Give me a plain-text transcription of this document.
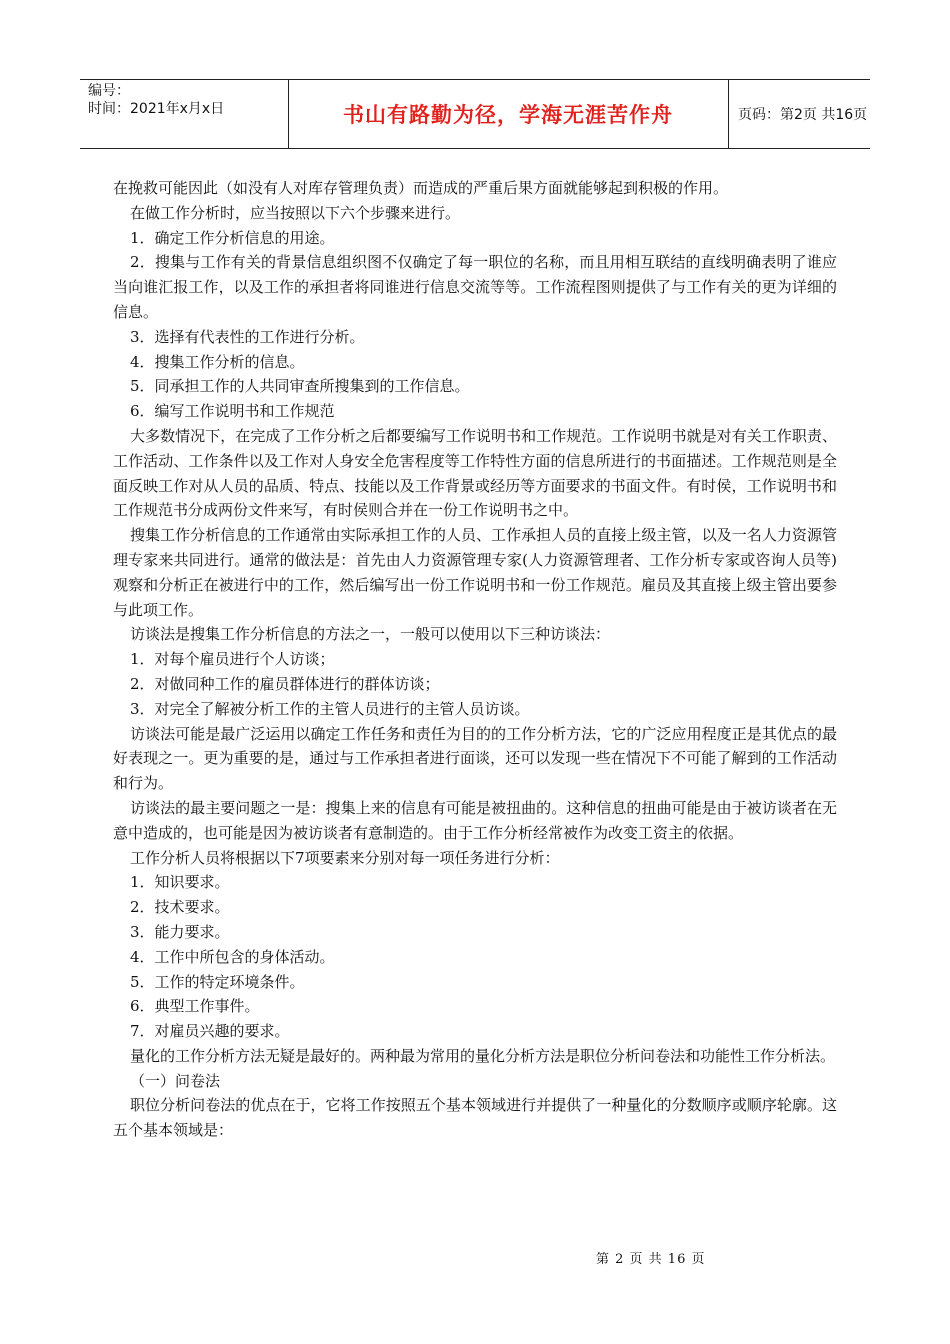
编号：
时间：2021年x月x日	书山有路勤为径，学海无涯苦作舟	页码：第2页 共16页

在挽救可能因此（如没有人对库存管理负责）而造成的严重后果方面就能够起到积极的作用。

在做工作分析时，应当按照以下六个步骤来进行。

1．确定工作分析信息的用途。

2．搜集与工作有关的背景信息组织图不仅确定了每一职位的名称，而且用相互联结的直线明确表明了谁应当向谁汇报工作，以及工作的承担者将同谁进行信息交流等等。工作流程图则提供了与工作有关的更为详细的信息。

3．选择有代表性的工作进行分析。

4．搜集工作分析的信息。

5．同承担工作的人共同审查所搜集到的工作信息。

6．编写工作说明书和工作规范

大多数情况下，在完成了工作分析之后都要编写工作说明书和工作规范。工作说明书就是对有关工作职责、工作活动、工作条件以及工作对人身安全危害程度等工作特性方面的信息所进行的书面描述。工作规范则是全面反映工作对从人员的品质、特点、技能以及工作背景或经历等方面要求的书面文件。有时侯，工作说明书和工作规范书分成两份文件来写，有时侯则合并在一份工作说明书之中。

搜集工作分析信息的工作通常由实际承担工作的人员、工作承担人员的直接上级主管，以及一名人力资源管理专家来共同进行。通常的做法是：首先由人力资源管理专家(人力资源管理者、工作分析专家或咨询人员等)观察和分析正在被进行中的工作，然后编写出一份工作说明书和一份工作规范。雇员及其直接上级主管出要参与此项工作。

访谈法是搜集工作分析信息的方法之一，一般可以使用以下三种访谈法：

1．对每个雇员进行个人访谈；

2．对做同种工作的雇员群体进行的群体访谈；

3．对完全了解被分析工作的主管人员进行的主管人员访谈。

访谈法可能是最广泛运用以确定工作任务和责任为目的的工作分析方法，它的广泛应用程度正是其优点的最好表现之一。更为重要的是，通过与工作承担者进行面谈，还可以发现一些在情况下不可能了解到的工作活动和行为。

访谈法的最主要问题之一是：搜集上来的信息有可能是被扭曲的。这种信息的扭曲可能是由于被访谈者在无意中造成的，也可能是因为被访谈者有意制造的。由于工作分析经常被作为改变工资主的依据。

工作分析人员将根据以下7项要素来分别对每一项任务进行分析：

1．知识要求。

2．技术要求。

3．能力要求。

4．工作中所包含的身体活动。

5．工作的特定环境条件。

6．典型工作事件。

7．对雇员兴趣的要求。

量化的工作分析方法无疑是最好的。两种最为常用的量化分析方法是职位分析问卷法和功能性工作分析法。

（一）问卷法

职位分析问卷法的优点在于，它将工作按照五个基本领域进行并提供了一种量化的分数顺序或顺序轮廓。这五个基本领域是：

第 2 页 共 16 页
